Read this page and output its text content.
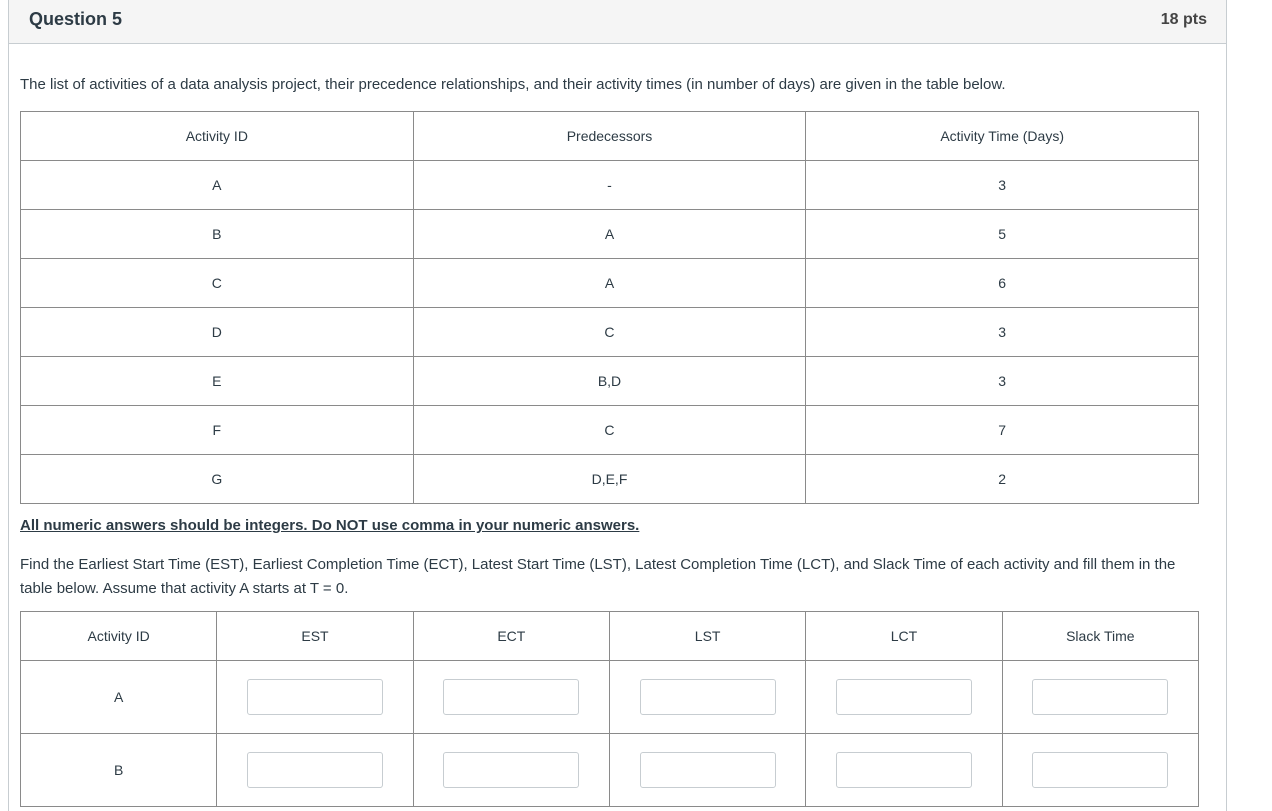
Question 5	18 pts
The list of activities of a data analysis project, their precedence relationships, and their activity times (in number of days) are given in the table below.
Activity ID	Predecessors	Activity Time (Days)
A	-	3
B	A	5
C	A	6
D	C	3
E	B,D	3
F	C	7
G	D,E,F	2
All numeric answers should be integers. Do NOT use comma in your numeric answers.
Find the Earliest Start Time (EST), Earliest Completion Time (ECT), Latest Start Time (LST), Latest Completion Time (LCT), and Slack Time of each activity and fill them in the table below. Assume that activity A starts at T = 0.
Activity ID	EST	ECT	LST	LCT	Slack Time
A					
B					
